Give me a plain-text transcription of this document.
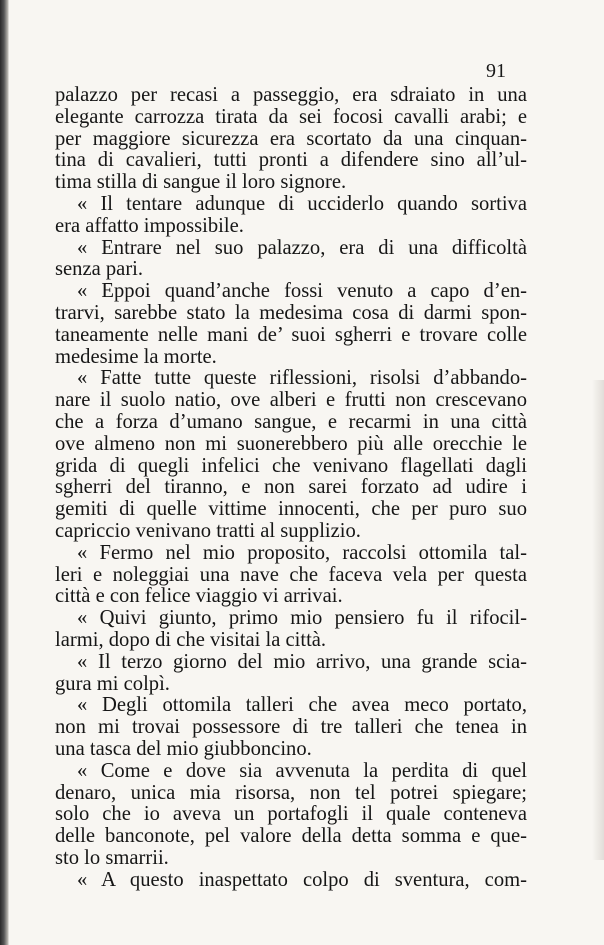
91
palazzo per recasi a passeggio, era sdraiato in una
elegante carrozza tirata da sei focosi cavalli arabi; e
per maggiore sicurezza era scortato da una cinquan-
tina di cavalieri, tutti pronti a difendere sino all’ul-
tima stilla di sangue il loro signore.
« Il tentare adunque di ucciderlo quando sortiva
era affatto impossibile.
« Entrare nel suo palazzo, era di una difficoltà
senza pari.
« Eppoi quand’anche fossi venuto a capo d’en-
trarvi, sarebbe stato la medesima cosa di darmi spon-
taneamente nelle mani de’ suoi sgherri e trovare colle
medesime la morte.
« Fatte tutte queste riflessioni, risolsi d’abbando-
nare il suolo natio, ove alberi e frutti non crescevano
che a forza d’umano sangue, e recarmi in una città
ove almeno non mi suonerebbero più alle orecchie le
grida di quegli infelici che venivano flagellati dagli
sgherri del tiranno, e non sarei forzato ad udire i
gemiti di quelle vittime innocenti, che per puro suo
capriccio venivano tratti al supplizio.
« Fermo nel mio proposito, raccolsi ottomila tal-
leri e noleggiai una nave che faceva vela per questa
città e con felice viaggio vi arrivai.
« Quivi giunto, primo mio pensiero fu il rifocil-
larmi, dopo di che visitai la città.
« Il terzo giorno del mio arrivo, una grande scia-
gura mi colpì.
« Degli ottomila talleri che avea meco portato,
non mi trovai possessore di tre talleri che tenea in
una tasca del mio giubboncino.
« Come e dove sia avvenuta la perdita di quel
denaro, unica mia risorsa, non tel potrei spiegare;
solo che io aveva un portafogli il quale conteneva
delle banconote, pel valore della detta somma e que-
sto lo smarrii.
« A questo inaspettato colpo di sventura, com-
